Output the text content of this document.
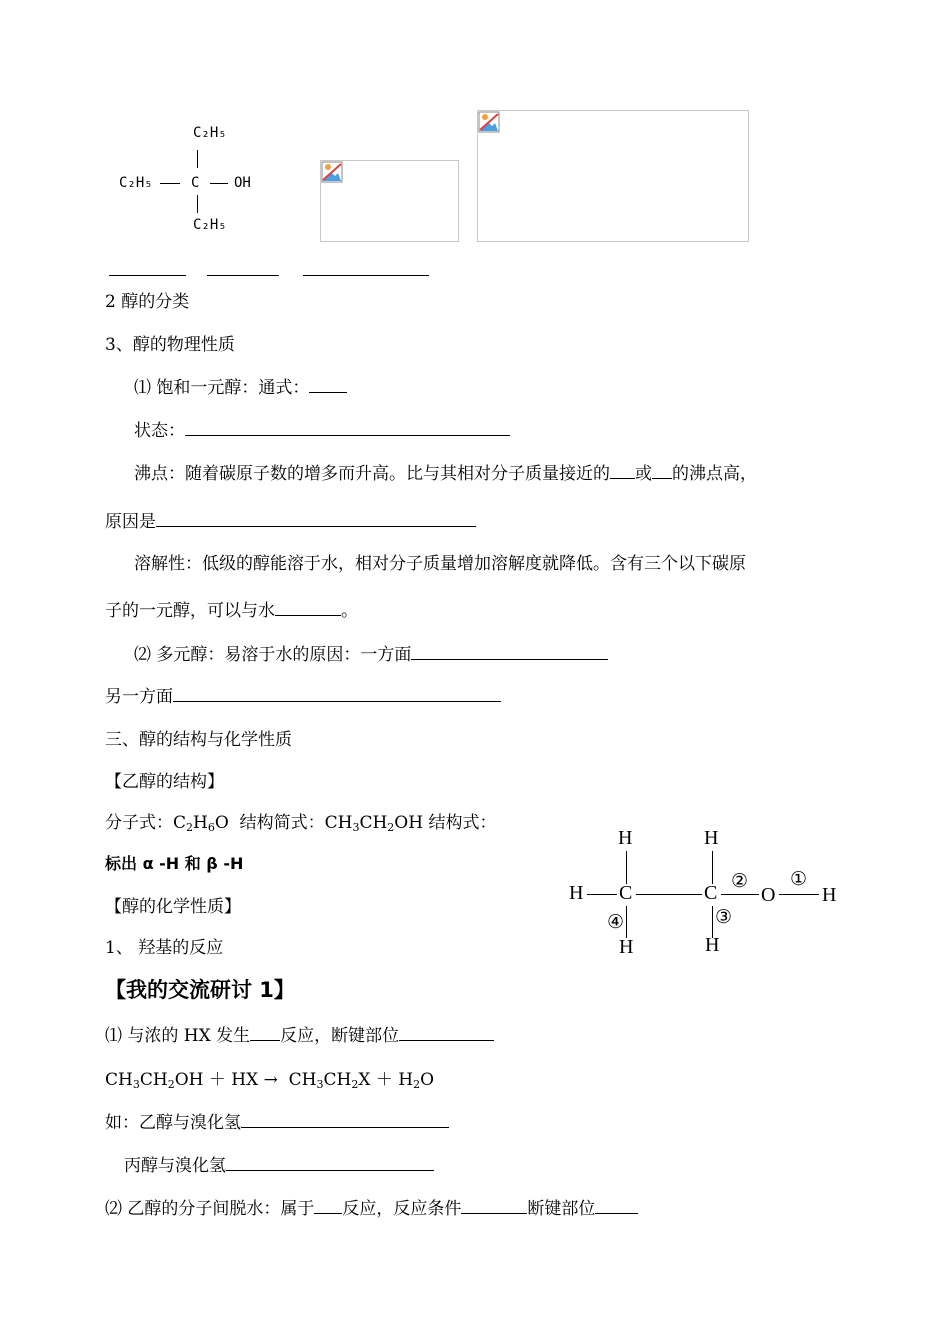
C₂H₅
C₂H₅	C OH
C₂H₅
2 醇的分类
3、醇的物理性质
⑴ 饱和一元醇：通式：
状态：
沸点：随着碳原子数的增多而升高。比与其相对分子质量接近的 或 的沸点高，
原因是
溶解性：低级的醇能溶于水，相对分子质量增加溶解度就降低。含有三个以下碳原
子的一元醇，可以与水	。
⑵ 多元醇：易溶于水的原因：一方面
另一方面
三、醇的结构与化学性质
【乙醇的结构】
分子式：$C_2H_6O$ 结构简式：$CH_3CH_2OH$ 结构式：
标出 α -H 和 β -H
【醇的化学性质】
1、 羟基的反应
H	H
H C	C
②
O
①
H
④	③
H	H
【我的交流研讨 1】
⑴ 与浓的 HX 发生 反应，断键部位
$CH_3CH_2OH$ ＋ HX → $CH_3CH_2X + H_2O$
如：乙醇与溴化氢
丙醇与溴化氢
⑵ 乙醇的分子间脱水：属于 反应，反应条件	断键部位
